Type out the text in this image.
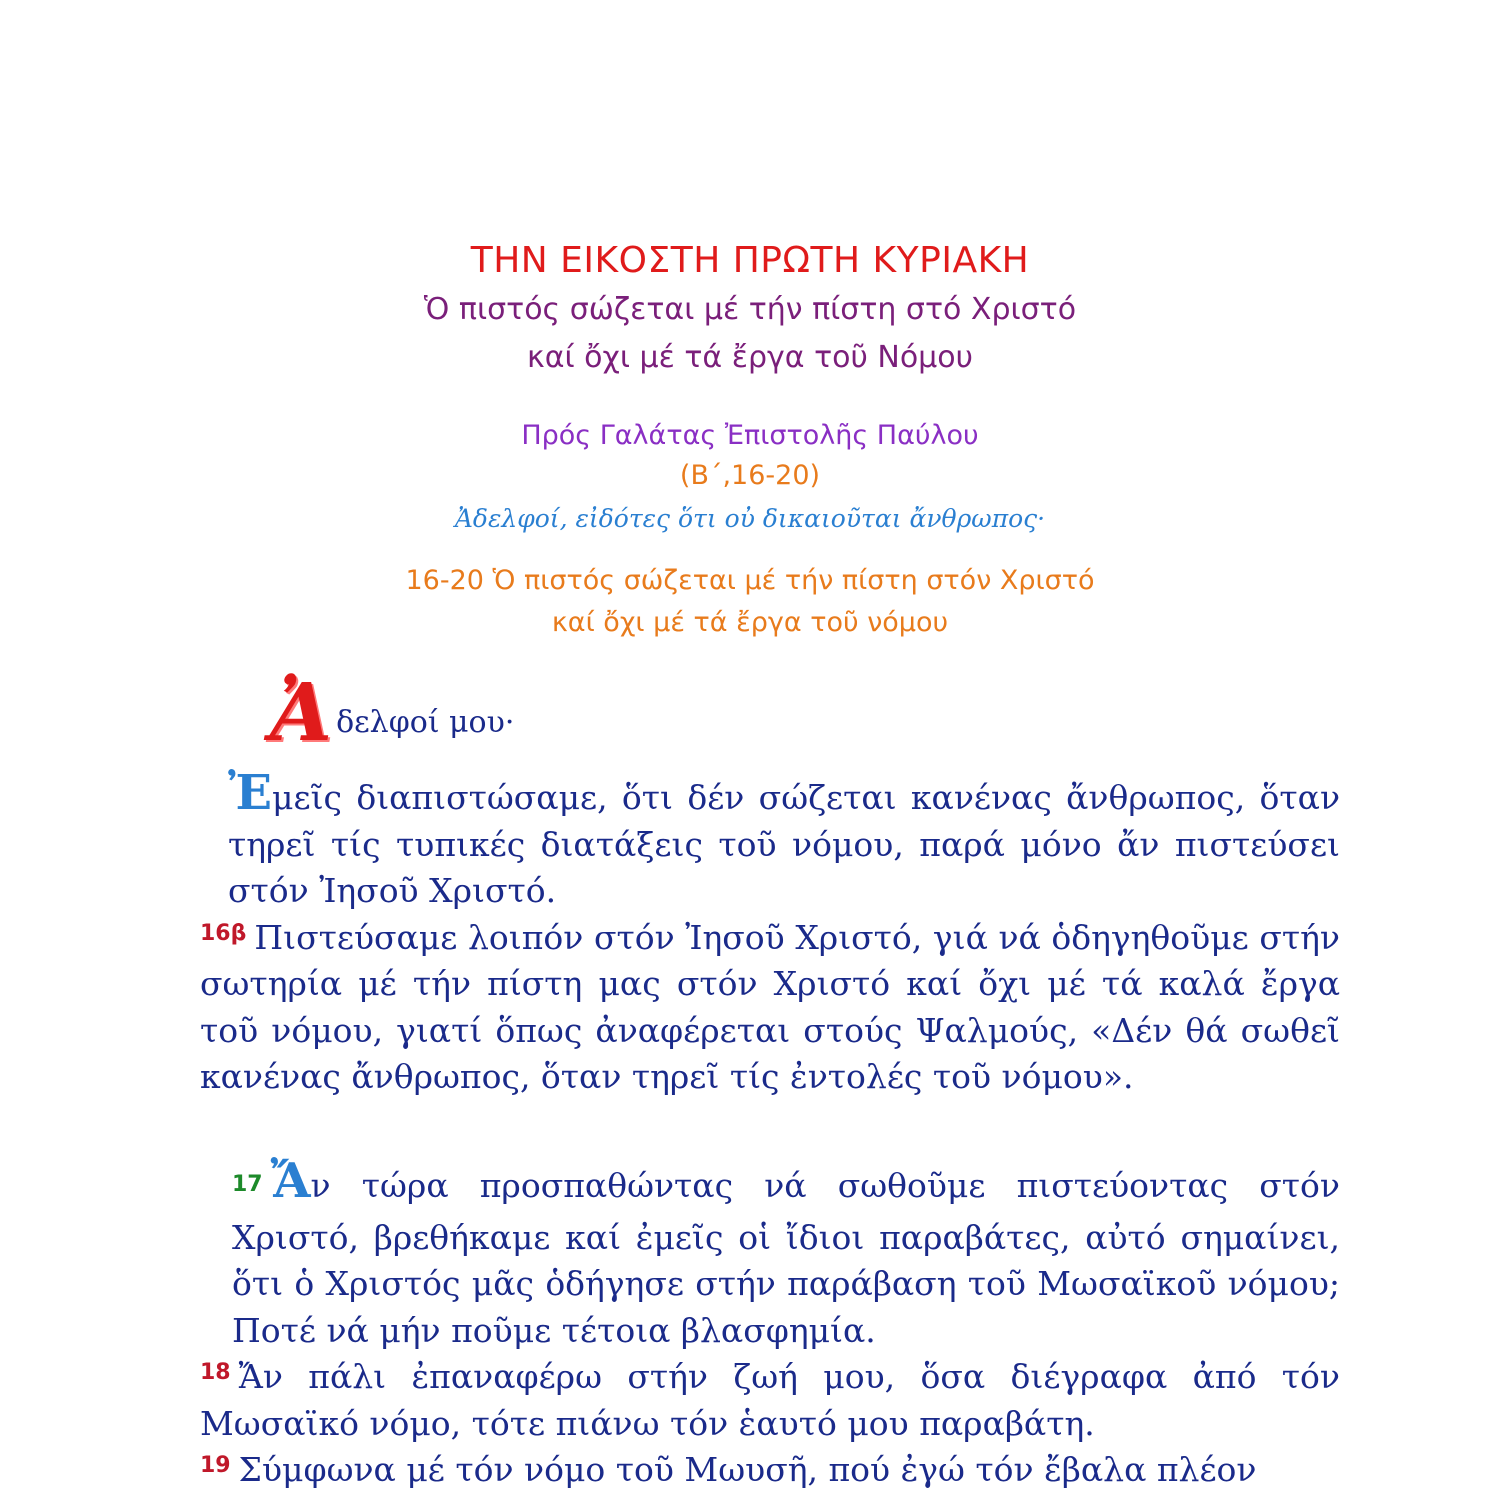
ΤΗΝ ΕΙΚΟΣΤΗ ΠΡΩΤΗ ΚΥΡΙΑΚΗ
Ὁ πιστός σώζεται μέ τήν πίστη στό Χριστό
καί ὄχι μέ τά ἔργα τοῦ Νόμου
Πρός Γαλάτας Ἐπιστολῆς Παύλου
(Β΄,16-20)
Ἀδελφοί, εἰδότες ὅτι οὐ δικαιοῦται ἄνθρωπος·
16-20 Ὁ πιστός σώζεται μέ τήν πίστη στόν Χριστό
καί ὄχι μέ τά ἔργα τοῦ νόμου
Ἀ δελφοί μου·

Ἐμεῖς διαπιστώσαμε, ὅτι δέν σώζεται κανένας ἄνθρωπος, ὅταν τηρεῖ τίς τυπικές διατάξεις τοῦ νόμου, παρά μόνο ἄν πιστεύσει στόν Ἰησοῦ Χριστό.

$^{16\beta}$ Πιστεύσαμε λοιπόν στόν Ἰησοῦ Χριστό, γιά νά ὁδηγηθοῦμε στήν σωτηρία μέ τήν πίστη μας στόν Χριστό καί ὄχι μέ τά καλά ἔργα τοῦ νόμου, γιατί ὅπως ἀναφέρεται στούς Ψαλμούς, «Δέν θά σωθεῖ κανένας ἄνθρωπος, ὅταν τηρεῖ τίς ἐντολές τοῦ νόμου».

17 Ἄν τώρα προσπαθώντας νά σωθοῦμε πιστεύοντας στόν Χριστό, βρεθήκαμε καί ἐμεῖς οἱ ἴδιοι παραβάτες, αὐτό σημαίνει, ὅτι ὁ Χριστός μᾶς ὁδήγησε στήν παράβαση τοῦ Μωσαϊκοῦ νόμου; Ποτέ νά μήν ποῦμε τέτοια βλασφημία.

$^{18}$ Ἄν πάλι ἐπαναφέρω στήν ζωή μου, ὅσα διέγραφα ἀπό τόν Μωσαϊκό νόμο, τότε πιάνω τόν ἑαυτό μου παραβάτη.

$^{19}$ Σύμφωνα μέ τόν νόμο τοῦ Μωυσῆ, πού ἐγώ τόν ἔβαλα πλέον
